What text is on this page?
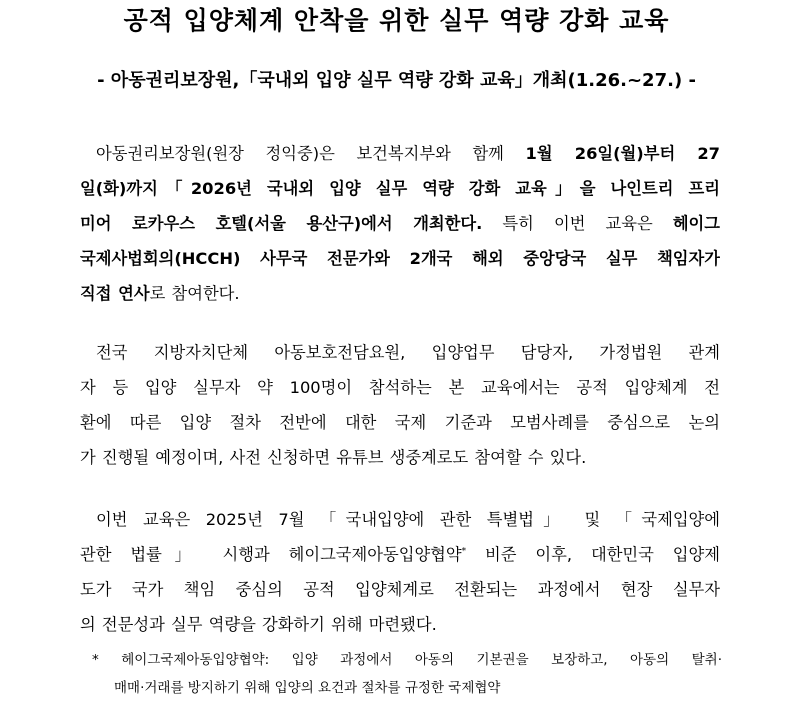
공적 입양체계 안착을 위한 실무 역량 강화 교육
- 아동권리보장원,「국내외 입양 실무 역량 강화 교육」개최(1.26.~27.) -
아동권리보장원(원장 정익중)은 보건복지부와 함께 1월 26일(월)부터 27
일(화)까지「2026년 국내외 입양 실무 역량 강화 교육」을 나인트리 프리
미어 로카우스 호텔(서울 용산구)에서 개최한다. 특히 이번 교육은 헤이그
국제사법회의(HCCH) 사무국 전문가와 2개국 해외 중앙당국 실무 책임자가
직접 연사로 참여한다.
전국 지방자치단체 아동보호전담요원, 입양업무 담당자, 가정법원 관계
자 등 입양 실무자 약 100명이 참석하는 본 교육에서는 공적 입양체계 전
환에 따른 입양 절차 전반에 대한 국제 기준과 모범사례를 중심으로 논의
가 진행될 예정이며, 사전 신청하면 유튜브 생중계로도 참여할 수 있다.
이번 교육은 2025년 7월 「국내입양에 관한 특별법」 및 「국제입양에
관한 법률」 시행과 헤이그국제아동입양협약* 비준 이후, 대한민국 입양제
도가 국가 책임 중심의 공적 입양체계로 전환되는 과정에서 현장 실무자
의 전문성과 실무 역량을 강화하기 위해 마련됐다.
* 헤이그국제아동입양협약: 입양 과정에서 아동의 기본권을 보장하고, 아동의 탈취·
매매·거래를 방지하기 위해 입양의 요건과 절차를 규정한 국제협약
